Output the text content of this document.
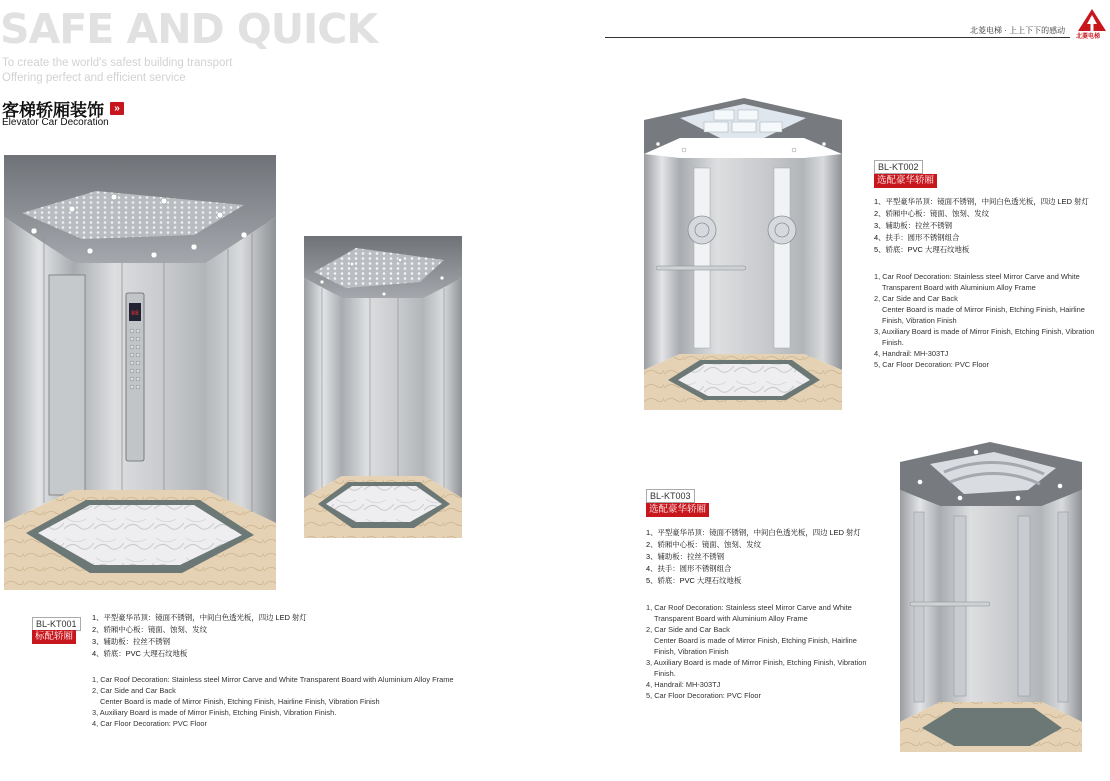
SAFE AND QUICK
To create the world's safest building transport
Offering perfect and efficient service
客梯轿厢装饰	»
Elevator Car Decoration
北菱电梯 · 上上下下的感动
北菱电梯
88
BL-KT001
标配轿厢

1、平型豪华吊顶：镜面不锈钢，中间白色透光板，四边 LED 射灯

2、轿厢中心板：镜面、蚀刻、发纹

3、辅助板：拉丝不锈钢

4、轿底：PVC 大理石纹地板

1, Car Roof Decoration: Stainless steel Mirror Carve and White Transparent Board with Aluminium Alloy Frame

2, Car Side and Car Back

Center Board is made of Mirror Finish, Etching Finish, Hairline Finish, Vibration Finish

3, Auxiliary Board is made of Mirror Finish, Etching Finish, Vibration Finish.

4, Car Floor Decoration: PVC Floor

BL-KT002
选配豪华轿厢

1、平型豪华吊顶：镜面不锈钢，中间白色透光板，四边 LED 射灯

2、轿厢中心板：镜面、蚀刻、发纹

3、辅助板：拉丝不锈钢

4、扶手：圆形不锈钢组合

5、轿底：PVC 大理石纹地板

1, Car Roof Decoration: Stainless steel Mirror Carve and White

Transparent Board with Aluminium Alloy Frame

2, Car Side and Car Back

Center Board is made of Mirror Finish, Etching Finish, Hairline

Finish, Vibration Finish

3, Auxiliary Board is made of Mirror Finish, Etching Finish, Vibration

Finish.

4, Handrail: MH-303TJ

5, Car Floor Decoration: PVC Floor

BL-KT003
选配豪华轿厢

1、平型豪华吊顶：镜面不锈钢，中间白色透光板，四边 LED 射灯

2、轿厢中心板：镜面、蚀刻、发纹

3、辅助板：拉丝不锈钢

4、扶手：圆形不锈钢组合

5、轿底：PVC 大理石纹地板

1, Car Roof Decoration: Stainless steel Mirror Carve and White

Transparent Board with Aluminium Alloy Frame

2, Car Side and Car Back

Center Board is made of Mirror Finish, Etching Finish, Hairline

Finish, Vibration Finish

3, Auxiliary Board is made of Mirror Finish, Etching Finish, Vibration

Finish.

4, Handrail: MH-303TJ

5, Car Floor Decoration: PVC Floor
